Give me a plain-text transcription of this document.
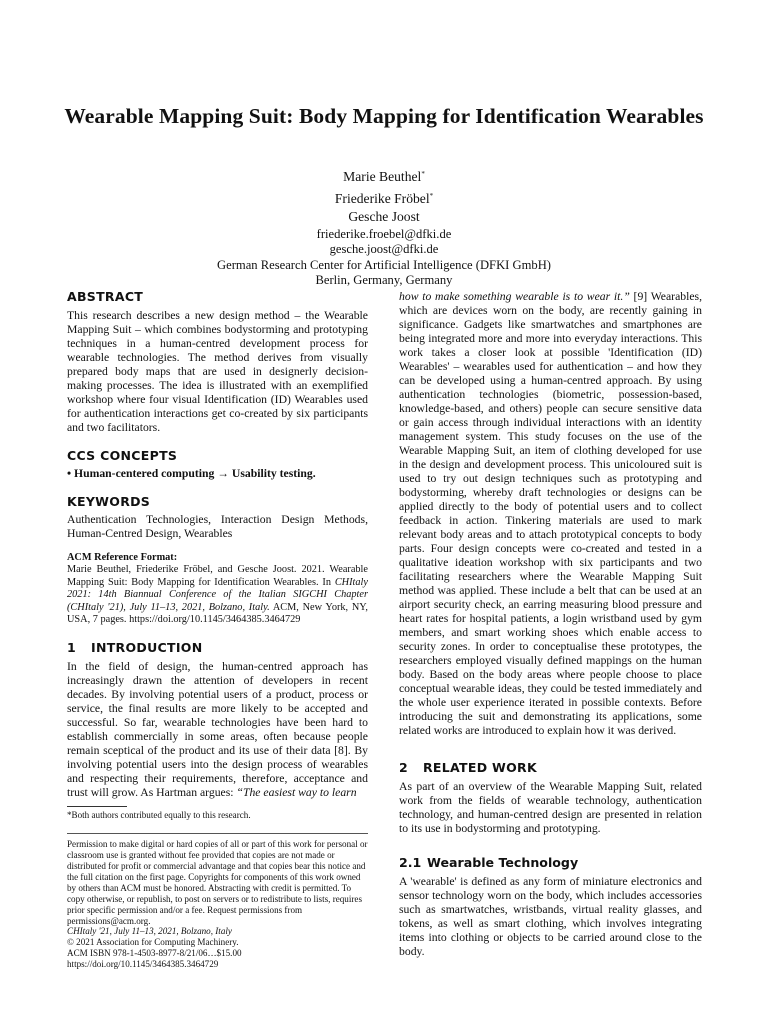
Wearable Mapping Suit: Body Mapping for Identification Wearables
Marie Beuthel*
Friederike Fröbel*
Gesche Joost
friederike.froebel@dfki.de
gesche.joost@dfki.de
German Research Center for Artificial Intelligence (DFKI GmbH)
Berlin, Germany, Germany
ABSTRACT

This research describes a new design method – the Wearable Mapping Suit – which combines bodystorming and prototyping techniques in a human-centred development process for wearable technologies. The method derives from visually prepared body maps that are used in designerly decision-making processes. The idea is illustrated with an exemplified workshop where four visual Identification (ID) Wearables used for authentication interactions get co-created by six participants and two facilitators.

CCS CONCEPTS

• Human-centered computing → Usability testing.

KEYWORDS

Authentication Technologies, Interaction Design Methods, Human-Centred Design, Wearables

ACM Reference Format:

Marie Beuthel, Friederike Fröbel, and Gesche Joost. 2021. Wearable Mapping Suit: Body Mapping for Identification Wearables. In CHItaly 2021: 14th Biannual Conference of the Italian SIGCHI Chapter (CHItaly '21), July 11–13, 2021, Bolzano, Italy. ACM, New York, NY, USA, 7 pages. https://doi.org/10.1145/3464385.3464729

1 INTRODUCTION

In the field of design, the human-centred approach has increasingly drawn the attention of developers in recent decades. By involving potential users of a product, process or service, the final results are more likely to be accepted and successful. So far, wearable technologies have been hard to establish commercially in some areas, often because people remain sceptical of the product and its use of their data [8]. By involving potential users into the design process of wearables and respecting their requirements, therefore, acceptance and trust will grow. As Hartman argues: “The easiest way to learn

*Both authors contributed equally to this research.

Permission to make digital or hard copies of all or part of this work for personal or classroom use is granted without fee provided that copies are not made or distributed for profit or commercial advantage and that copies bear this notice and the full citation on the first page. Copyrights for components of this work owned by others than ACM must be honored. Abstracting with credit is permitted. To copy otherwise, or republish, to post on servers or to redistribute to lists, requires prior specific permission and/or a fee. Request permissions from permissions@acm.org.

CHItaly '21, July 11–13, 2021, Bolzano, Italy

© 2021 Association for Computing Machinery.

ACM ISBN 978-1-4503-8977-8/21/06…$15.00

https://doi.org/10.1145/3464385.3464729

how to make something wearable is to wear it.” [9] Wearables, which are devices worn on the body, are recently gaining in significance. Gadgets like smartwatches and smartphones are being integrated more and more into everyday interactions. This work takes a closer look at possible 'Identification (ID) Wearables' – wearables used for authentication – and how they can be developed using a human-centred approach. By using authentication technologies (biometric, possession-based, knowledge-based, and others) people can secure sensitive data or gain access through individual interactions with an identity management system. This study focuses on the use of the Wearable Mapping Suit, an item of clothing developed for use in the design and development process. This unicoloured suit is used to try out design techniques such as prototyping and bodystorming, whereby draft technologies or designs can be applied directly to the body of potential users and to collect feedback in action. Tinkering materials are used to mark relevant body areas and to attach prototypical concepts to body parts. Four design concepts were co-created and tested in a qualitative ideation workshop with six participants and two facilitating researchers where the Wearable Mapping Suit method was applied. These include a belt that can be used at an airport security check, an earring measuring blood pressure and heart rates for hospital patients, a login wristband used by gym members, and smart working shoes which enable access to security zones. In order to conceptualise these prototypes, the researchers employed visually defined mappings on the human body. Based on the body areas where people choose to place conceptual wearable ideas, they could be tested immediately and the whole user experience iterated in possible contexts. Before introducing the suit and demonstrating its applications, some related works are introduced to explain how it was derived.

2 RELATED WORK

As part of an overview of the Wearable Mapping Suit, related work from the fields of wearable technology, authentication technology, and human-centred design are presented in relation to its use in bodystorming and prototyping.

2.1 Wearable Technology

A 'wearable' is defined as any form of miniature electronics and sensor technology worn on the body, which includes accessories such as smartwatches, wristbands, virtual reality glasses, and tokens, as well as smart clothing, which involves integrating items into clothing or objects to be carried around close to the body.
